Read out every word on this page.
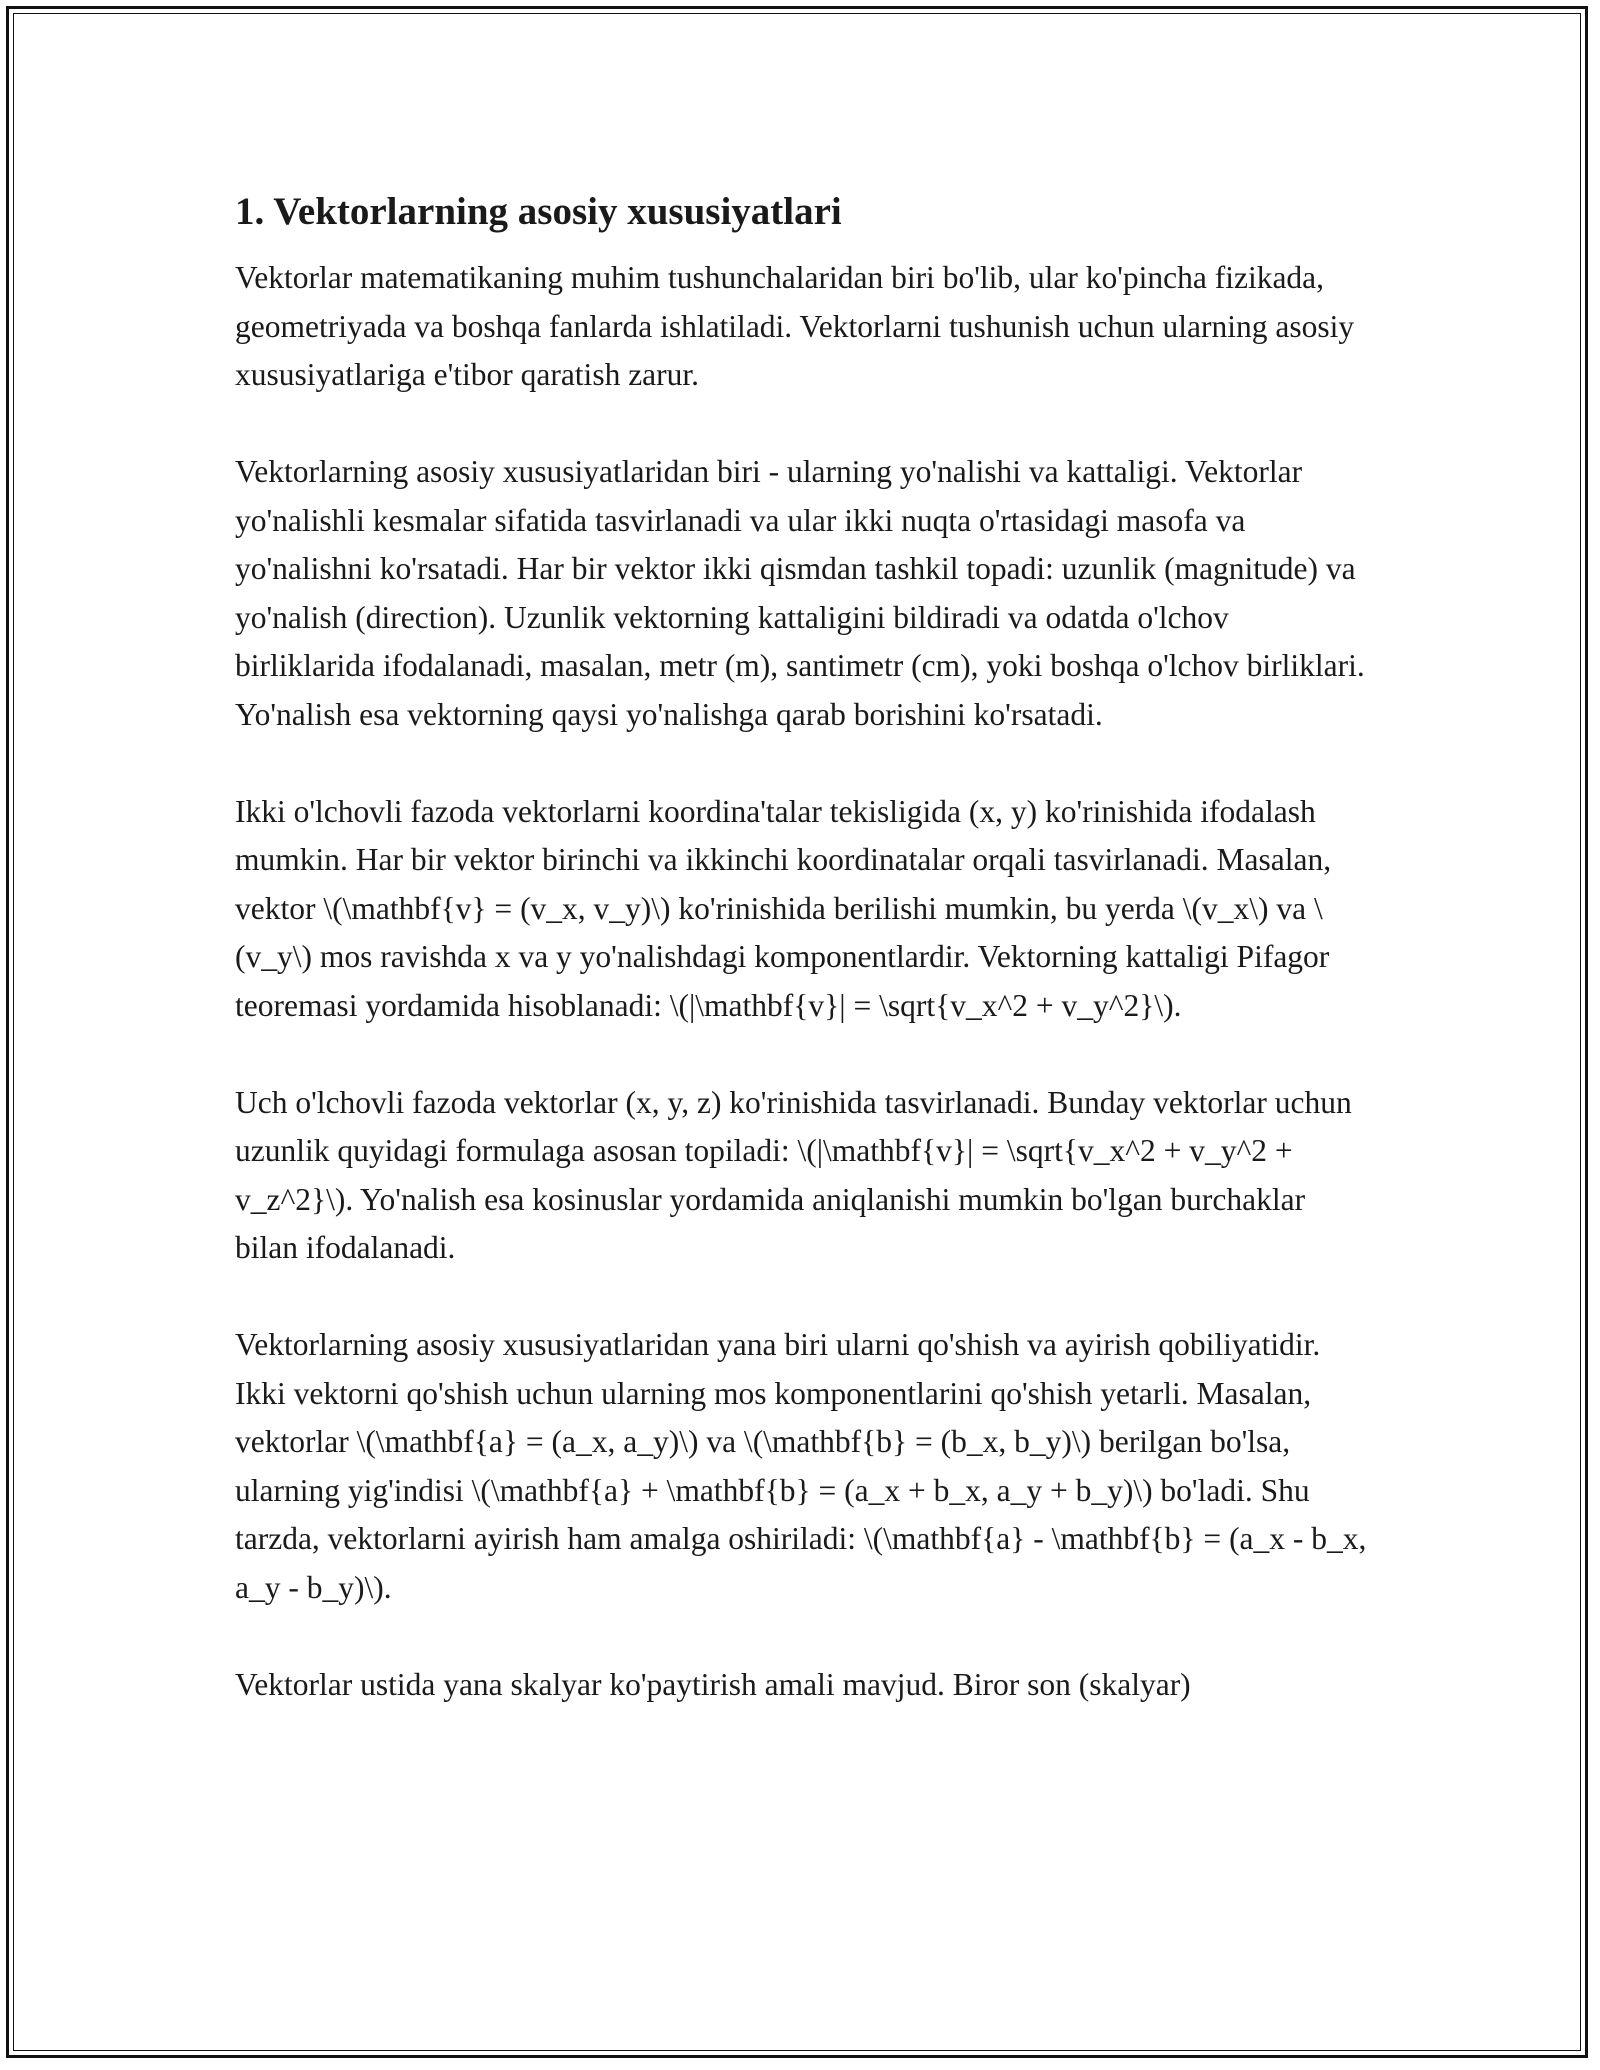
1. Vektorlarning asosiy xususiyatlari

Vektorlar matematikaning muhim tushunchalaridan biri bo'lib, ular ko'pincha fizikada, geometriyada va boshqa fanlarda ishlatiladi. Vektorlarni tushunish uchun ularning asosiy xususiyatlariga e'tibor qaratish zarur.

Vektorlarning asosiy xususiyatlaridan biri - ularning yo'nalishi va kattaligi. Vektorlar yo'nalishli kesmalar sifatida tasvirlanadi va ular ikki nuqta o'rtasidagi masofa va yo'nalishni ko'rsatadi. Har bir vektor ikki qismdan tashkil topadi: uzunlik (magnitude) va yo'nalish (direction). Uzunlik vektorning kattaligini bildiradi va odatda o'lchov birliklarida ifodalanadi, masalan, metr (m), santimetr (cm), yoki boshqa o'lchov birliklari. Yo'nalish esa vektorning qaysi yo'nalishga qarab borishini ko'rsatadi.

Ikki o'lchovli fazoda vektorlarni koordina'talar tekisligida (x, y) ko'rinishida ifodalash mumkin. Har bir vektor birinchi va ikkinchi koordinatalar orqali tasvirlanadi. Masalan, vektor \(\mathbf{v} = (v_x, v_y)\) ko'rinishida berilishi mumkin, bu yerda \(v_x\) va \(v_y\) mos ravishda x va y yo'nalishdagi komponentlardir. Vektorning kattaligi Pifagor teoremasi yordamida hisoblanadi: \(|\mathbf{v}| = \sqrt{v_x^2 + v_y^2}\).

Uch o'lchovli fazoda vektorlar (x, y, z) ko'rinishida tasvirlanadi. Bunday vektorlar uchun uzunlik quyidagi formulaga asosan topiladi: \(|\mathbf{v}| = \sqrt{v_x^2 + v_y^2 + v_z^2}\). Yo'nalish esa kosinuslar yordamida aniqlanishi mumkin bo'lgan burchaklar bilan ifodalanadi.

Vektorlarning asosiy xususiyatlaridan yana biri ularni qo'shish va ayirish qobiliyatidir. Ikki vektorni qo'shish uchun ularning mos komponentlarini qo'shish yetarli. Masalan, vektorlar \(\mathbf{a} = (a_x, a_y)\) va \(\mathbf{b} = (b_x, b_y)\) berilgan bo'lsa, ularning yig'indisi \(\mathbf{a} + \mathbf{b} = (a_x + b_x, a_y + b_y)\) bo'ladi. Shu tarzda, vektorlarni ayirish ham amalga oshiriladi: \(\mathbf{a} - \mathbf{b} = (a_x - b_x, a_y - b_y)\).

Vektorlar ustida yana skalyar ko'paytirish amali mavjud. Biror son (skalyar)
